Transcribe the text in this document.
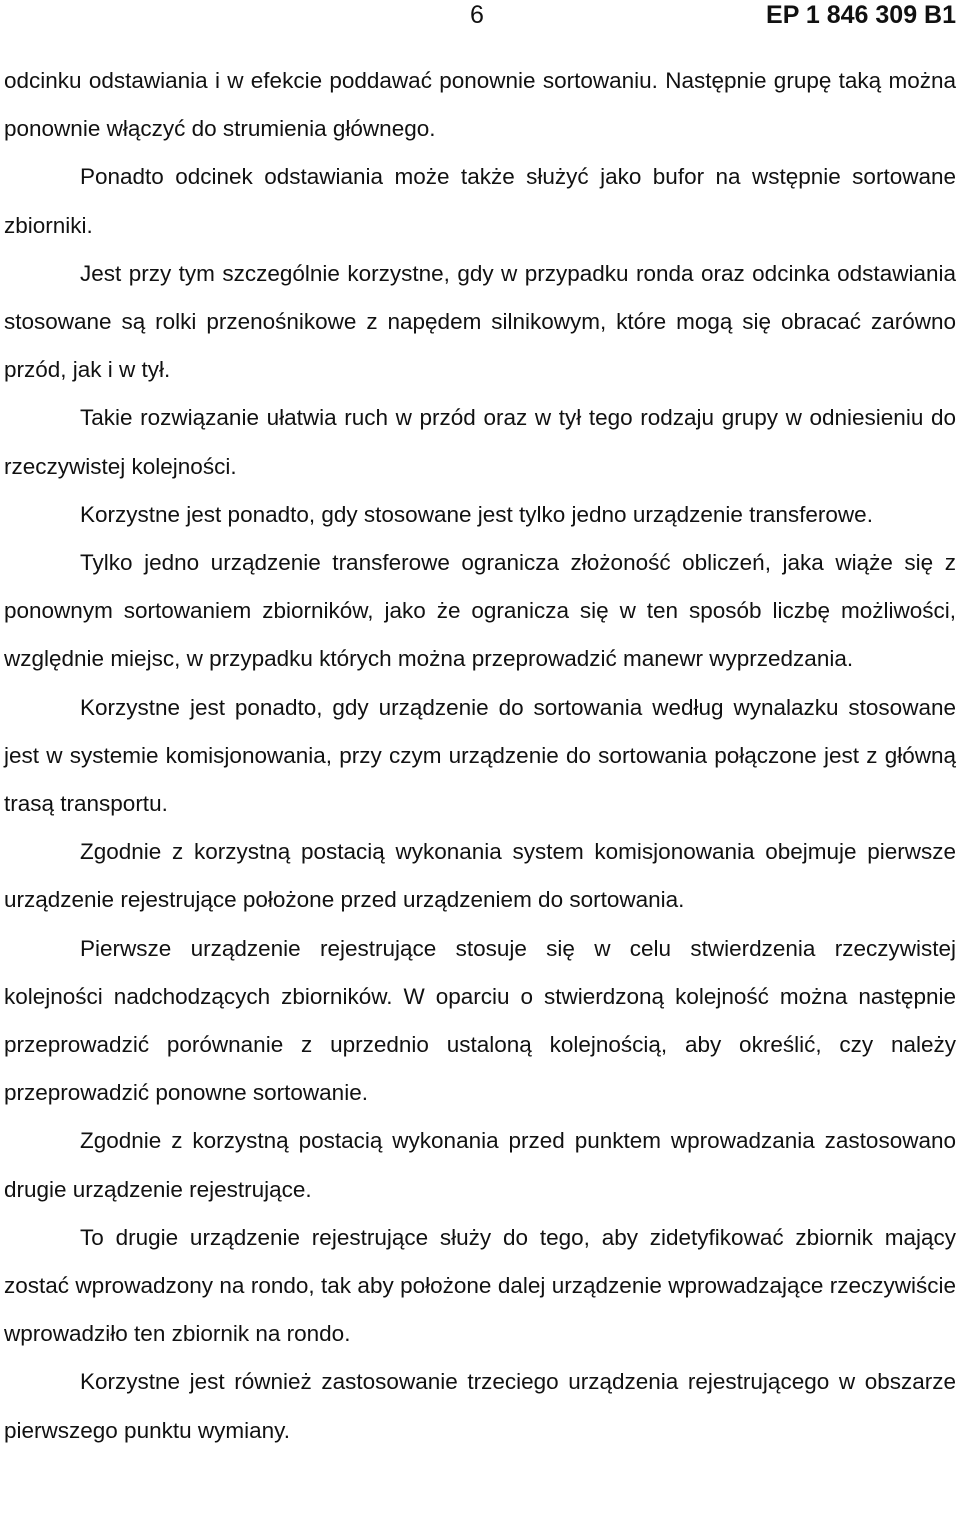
6	EP 1 846 309 B1

odcinku odstawiania i w efekcie poddawać ponownie sortowaniu. Następnie grupę taką można ponownie włączyć do strumienia głównego.

Ponadto odcinek odstawiania może także służyć jako bufor na wstępnie sortowane zbiorniki.

Jest przy tym szczególnie korzystne, gdy w przypadku ronda oraz odcinka odstawiania stosowane są rolki przenośnikowe z napędem silnikowym, które mogą się obracać zarówno przód, jak i w tył.

Takie rozwiązanie ułatwia ruch w przód oraz w tył tego rodzaju grupy w odniesieniu do rzeczywistej kolejności.

Korzystne jest ponadto, gdy stosowane jest tylko jedno urządzenie transferowe.

Tylko jedno urządzenie transferowe ogranicza złożoność obliczeń, jaka wiąże się z ponownym sortowaniem zbiorników, jako że ogranicza się w ten sposób liczbę możliwości, względnie miejsc, w przypadku których można przeprowadzić manewr wyprzedzania.

Korzystne jest ponadto, gdy urządzenie do sortowania według wynalazku stosowane jest w systemie komisjonowania, przy czym urządzenie do sortowania połączone jest z główną trasą transportu.

Zgodnie z korzystną postacią wykonania system komisjonowania obejmuje pierwsze urządzenie rejestrujące położone przed urządzeniem do sortowania.

Pierwsze urządzenie rejestrujące stosuje się w celu stwierdzenia rzeczywistej kolejności nadchodzących zbiorników. W oparciu o stwierdzoną kolejność można następnie przeprowadzić porównanie z uprzednio ustaloną kolejnością, aby określić, czy należy przeprowadzić ponowne sortowanie.

Zgodnie z korzystną postacią wykonania przed punktem wprowadzania zastosowano drugie urządzenie rejestrujące.

To drugie urządzenie rejestrujące służy do tego, aby zidetyfikować zbiornik mający zostać wprowadzony na rondo, tak aby położone dalej urządzenie wprowadzające rzeczywiście wprowadziło ten zbiornik na rondo.

Korzystne jest również zastosowanie trzeciego urządzenia rejestrującego w obszarze pierwszego punktu wymiany.
